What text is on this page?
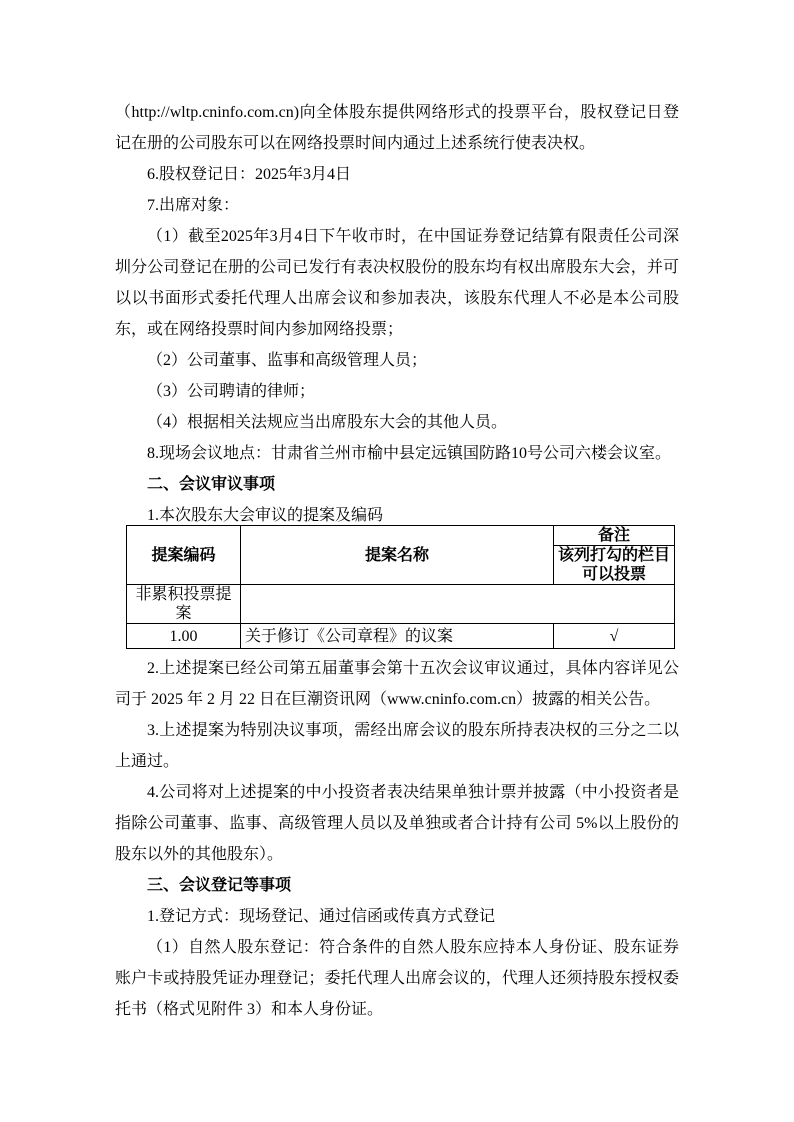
（http://wltp.cninfo.com.cn)向全体股东提供网络形式的投票平台，股权登记日登记在册的公司股东可以在网络投票时间内通过上述系统行使表决权。

6.股权登记日：2025年3月4日

7.出席对象：

（1）截至2025年3月4日下午收市时，在中国证券登记结算有限责任公司深圳分公司登记在册的公司已发行有表决权股份的股东均有权出席股东大会，并可以以书面形式委托代理人出席会议和参加表决，该股东代理人不必是本公司股东，或在网络投票时间内参加网络投票；

（2）公司董事、监事和高级管理人员；

（3）公司聘请的律师；

（4）根据相关法规应当出席股东大会的其他人员。

8.现场会议地点：甘肃省兰州市榆中县定远镇国防路10号公司六楼会议室。

二、会议审议事项

1.本次股东大会审议的提案及编码

提案编码	提案名称	备注
		该列打勾的栏目
可以投票
非累积投票提案		
1.00	关于修订《公司章程》的议案	√

2.上述提案已经公司第五届董事会第十五次会议审议通过，具体内容详见公司于 2025 年 2 月 22 日在巨潮资讯网（www.cninfo.com.cn）披露的相关公告。

3.上述提案为特别决议事项，需经出席会议的股东所持表决权的三分之二以上通过。

4.公司将对上述提案的中小投资者表决结果单独计票并披露（中小投资者是指除公司董事、监事、高级管理人员以及单独或者合计持有公司 5%以上股份的股东以外的其他股东）。

三、会议登记等事项

1.登记方式：现场登记、通过信函或传真方式登记

（1）自然人股东登记：符合条件的自然人股东应持本人身份证、股东证券账户卡或持股凭证办理登记；委托代理人出席会议的，代理人还须持股东授权委托书（格式见附件 3）和本人身份证。
